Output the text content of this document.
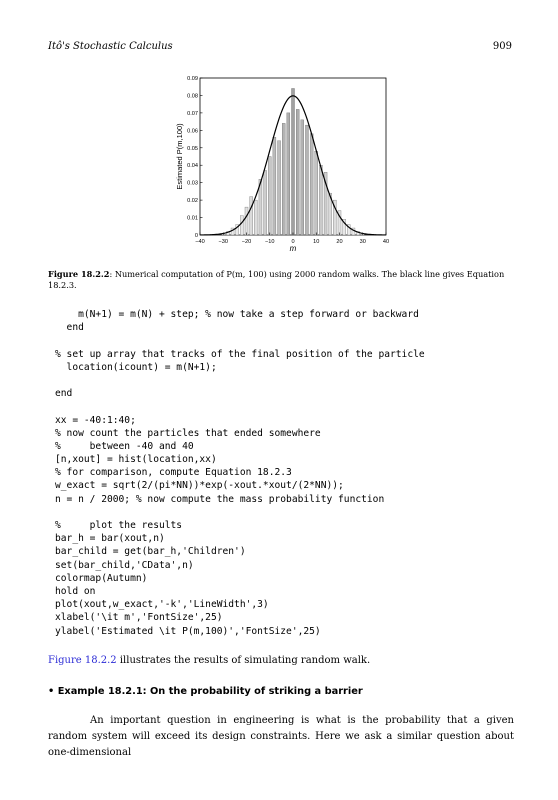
Itô's Stochastic Calculus	909
−40 −30 −20 −10	0	10	20	30	40
0
0.01
0.02
0.03
0.04
0.05
0.06
0.07
0.08
0.09
m
Estimated P(m,100)
Figure 18.2.2: Numerical computation of P(m, 100) using 2000 random walks. The black line gives Equation 18.2.3.
m(N+1) = m(N) + step; % now take a step forward or backward
end
% set up array that tracks of the final position of the particle
location(icount) = m(N+1);
end
xx = -40:1:40;
% now count the particles that ended somewhere
%     between -40 and 40
[n,xout] = hist(location,xx)
% for comparison, compute Equation 18.2.3
w_exact = sqrt(2/(pi*NN))*exp(-xout.*xout/(2*NN));
n = n / 2000; % now compute the mass probability function
%     plot the results
bar_h = bar(xout,n)
bar_child = get(bar_h,'Children')
set(bar_child,'CData',n)
colormap(Autumn)
hold on
plot(xout,w_exact,'-k','LineWidth',3)
xlabel('\it m','FontSize',25)
ylabel('Estimated \it P(m,100)','FontSize',25)
Figure 18.2.2 illustrates the results of simulating random walk.
• Example 18.2.1: On the probability of striking a barrier
An important question in engineering is what is the probability that a given random system will exceed its design constraints. Here we ask a similar question about one-dimensional
